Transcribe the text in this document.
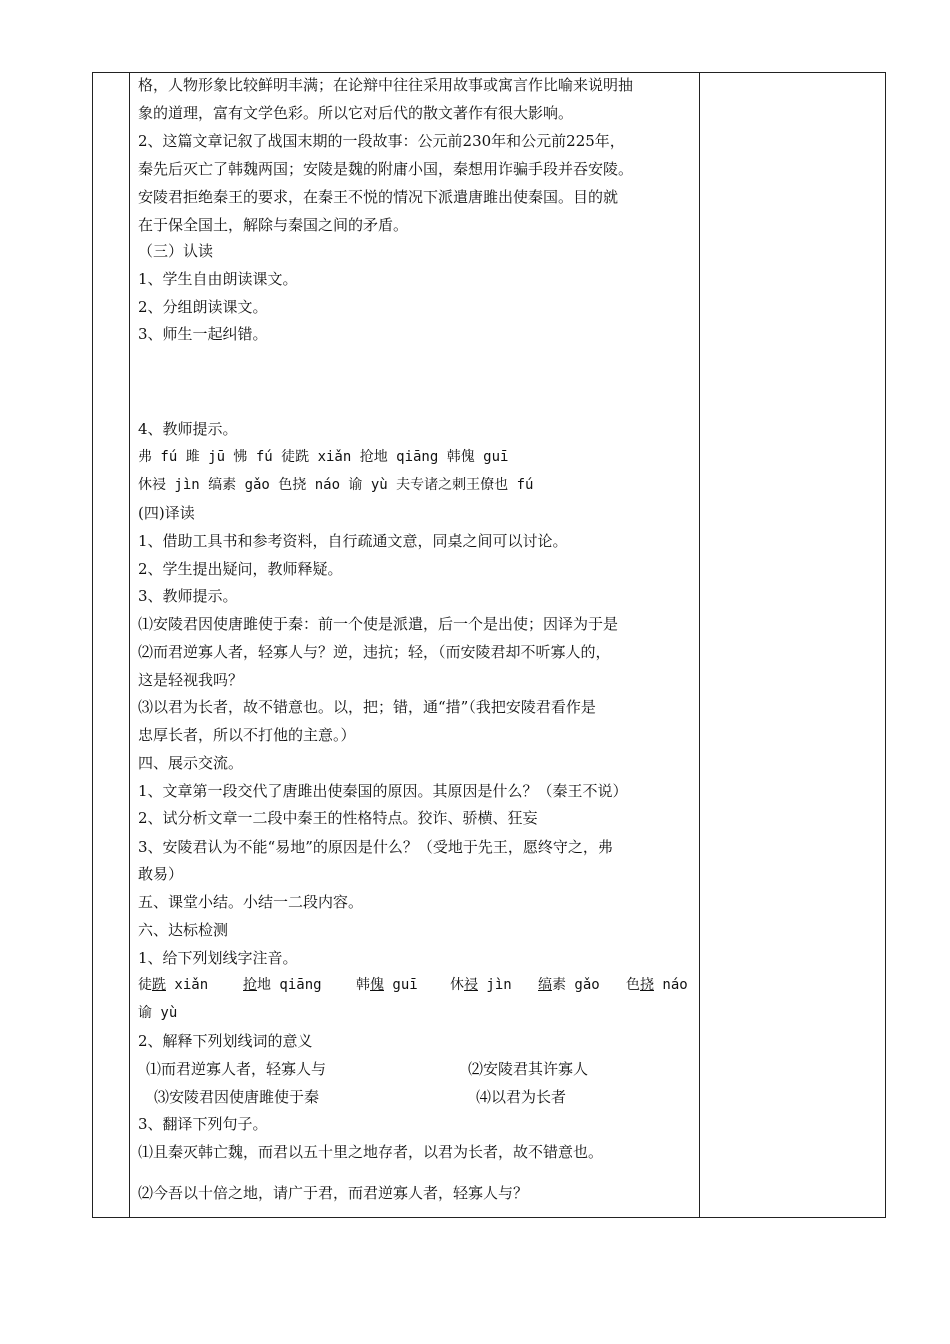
格，人物形象比较鲜明丰满；在论辩中往往采用故事或寓言作比喻来说明抽
象的道理，富有文学色彩。所以它对后代的散文著作有很大影响。
2、这篇文章记叙了战国末期的一段故事：公元前230年和公元前225年，
秦先后灭亡了韩魏两国；安陵是魏的附庸小国，秦想用诈骗手段并吞安陵。
安陵君拒绝秦王的要求，在秦王不悦的情况下派遣唐雎出使秦国。目的就
在于保全国土，解除与秦国之间的矛盾。
（三）认读
1、学生自由朗读课文。
2、分组朗读课文。
3、师生一起纠错。
4、教师提示。
弗 fú 雎 jū 怫 fú 徒跣 xiǎn 抢地 qiāng 韩傀 guī
休祲 jìn 缟素 gǎo 色挠 náo 谕 yù 夫专诸之刺王僚也 fú
(四)译读
1、借助工具书和参考资料，自行疏通文意，同桌之间可以讨论。
2、学生提出疑问，教师释疑。
3、教师提示。
⑴安陵君因使唐雎使于秦：前一个使是派遣，后一个是出使；因译为于是
⑵而君逆寡人者，轻寡人与？逆，违抗；轻，（而安陵君却不听寡人的，
这是轻视我吗？
⑶以君为长者，故不错意也。以，把；错，通“措”（我把安陵君看作是
忠厚长者，所以不打他的主意。）
四、展示交流。
1、文章第一段交代了唐雎出使秦国的原因。其原因是什么？（秦王不说）
2、试分析文章一二段中秦王的性格特点。狡诈、骄横、狂妄
3、安陵君认为不能“易地”的原因是什么？（受地于先王，愿终守之，弗
敢易）
五、课堂小结。小结一二段内容。
六、达标检测
1、给下列划线字注音。
徒跣 xiǎn 抢地 qiāng 韩傀 guī 休祲 jìn 缟素 gǎo 色挠 náo
谕 yù
2、解释下列划线词的意义
⑴而君逆寡人者，轻寡人与	⑵安陵君其许寡人
⑶安陵君因使唐雎使于秦	⑷以君为长者
3、翻译下列句子。
⑴且秦灭韩亡魏，而君以五十里之地存者，以君为长者，故不错意也。
⑵今吾以十倍之地，请广于君，而君逆寡人者，轻寡人与？
